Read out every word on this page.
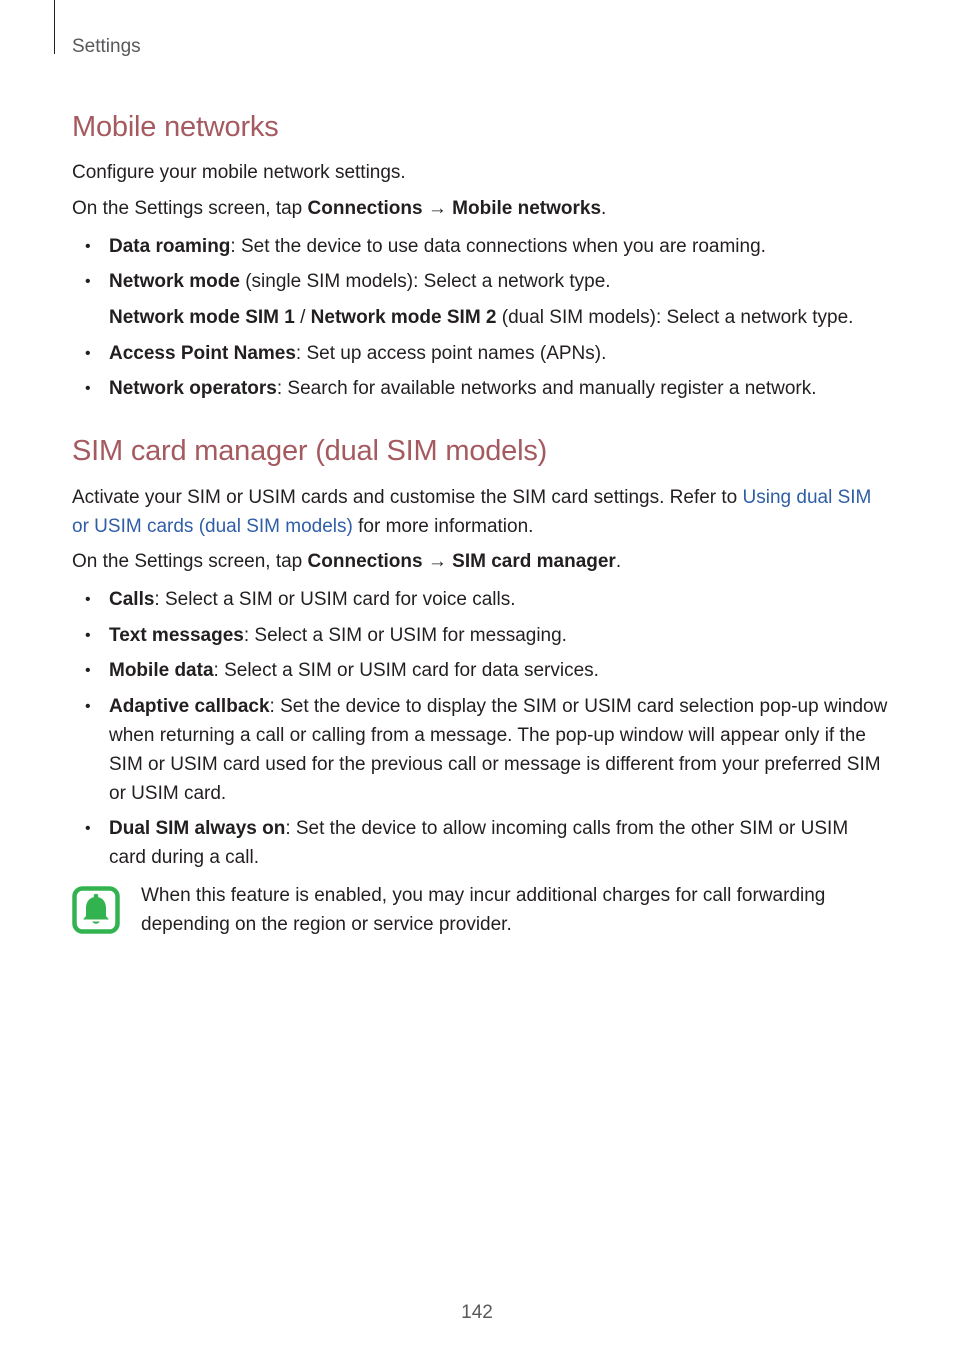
Settings
Mobile networks

Configure your mobile network settings.

On the Settings screen, tap Connections → Mobile networks.

• Data roaming: Set the device to use data connections when you are roaming.
• Network mode (single SIM models): Select a network type.
Network mode SIM 1 / Network mode SIM 2 (dual SIM models): Select a network type.
• Access Point Names: Set up access point names (APNs).
• Network operators: Search for available networks and manually register a network.
SIM card manager (dual SIM models)

Activate your SIM or USIM cards and customise the SIM card settings. Refer to Using dual SIM or USIM cards (dual SIM models) for more information.

On the Settings screen, tap Connections → SIM card manager.

• Calls: Select a SIM or USIM card for voice calls.
• Text messages: Select a SIM or USIM for messaging.
• Mobile data: Select a SIM or USIM card for data services.
• Adaptive callback: Set the device to display the SIM or USIM card selection pop-up window when returning a call or calling from a message. The pop-up window will appear only if the SIM or USIM card used for the previous call or message is different from your preferred SIM or USIM card.
• Dual SIM always on: Set the device to allow incoming calls from the other SIM or USIM card during a call.
When this feature is enabled, you may incur additional charges for call forwarding depending on the region or service provider.
142
